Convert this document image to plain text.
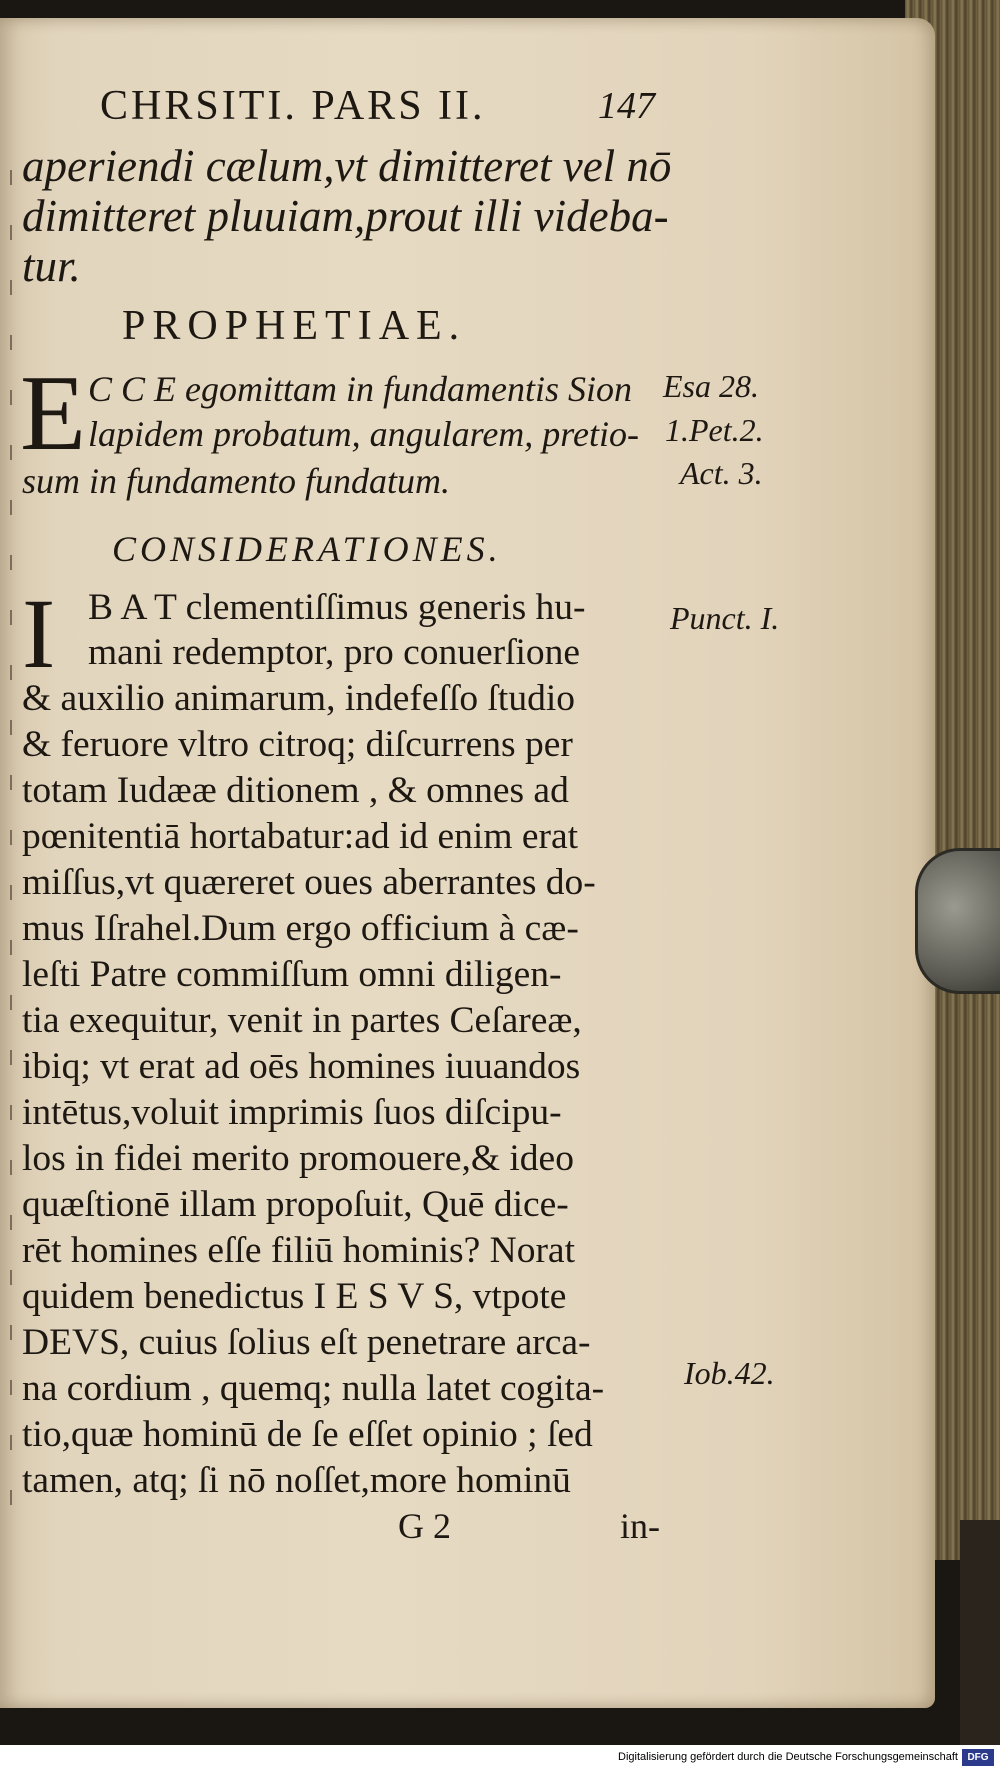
CHRSITI. PARS II.	147
aperiendi cælum,vt dimitteret vel nō
dimitteret pluuiam,prout illi videba-
tur.
PROPHETIAE.
E C C E egomittam in fundamentis Sion
lapidem probatum, angularem, pretio-
sum in fundamento fundatum.
Esa 28.
1.Pet.2.
Act. 3.
Punct. I.
Iob.42.
CONSIDERATIONES.
I B A T clementiſſimus generis hu-
mani redemptor, pro conuerſione
& auxilio animarum, indefeſſo ſtudio
& feruore vltro citroq; diſcurrens per
totam Iudææ ditionem , & omnes ad
pœnitentiā hortabatur:ad id enim erat
miſſus,vt quæreret oues aberrantes do-
mus Iſrahel.Dum ergo officium à cæ-
leſti Patre commiſſum omni diligen-
tia exequitur, venit in partes Ceſareæ,
ibiq; vt erat ad oēs homines iuuandos
intētus,voluit imprimis ſuos diſcipu-
los in fidei merito promouere,& ideo
quæſtionē illam propoſuit, Quē dice-
rēt homines eſſe filiū hominis? Norat
quidem benedictus I E S V S, vtpote
DEVS, cuius ſolius eſt penetrare arca-
na cordium , quemq; nulla latet cogita-
tio,quæ hominū de ſe eſſet opinio ; ſed
tamen, atq; ſi nō noſſet,more hominū
G 2	in-
Digitalisierung gefördert durch die Deutsche Forschungsgemeinschaft DFG
